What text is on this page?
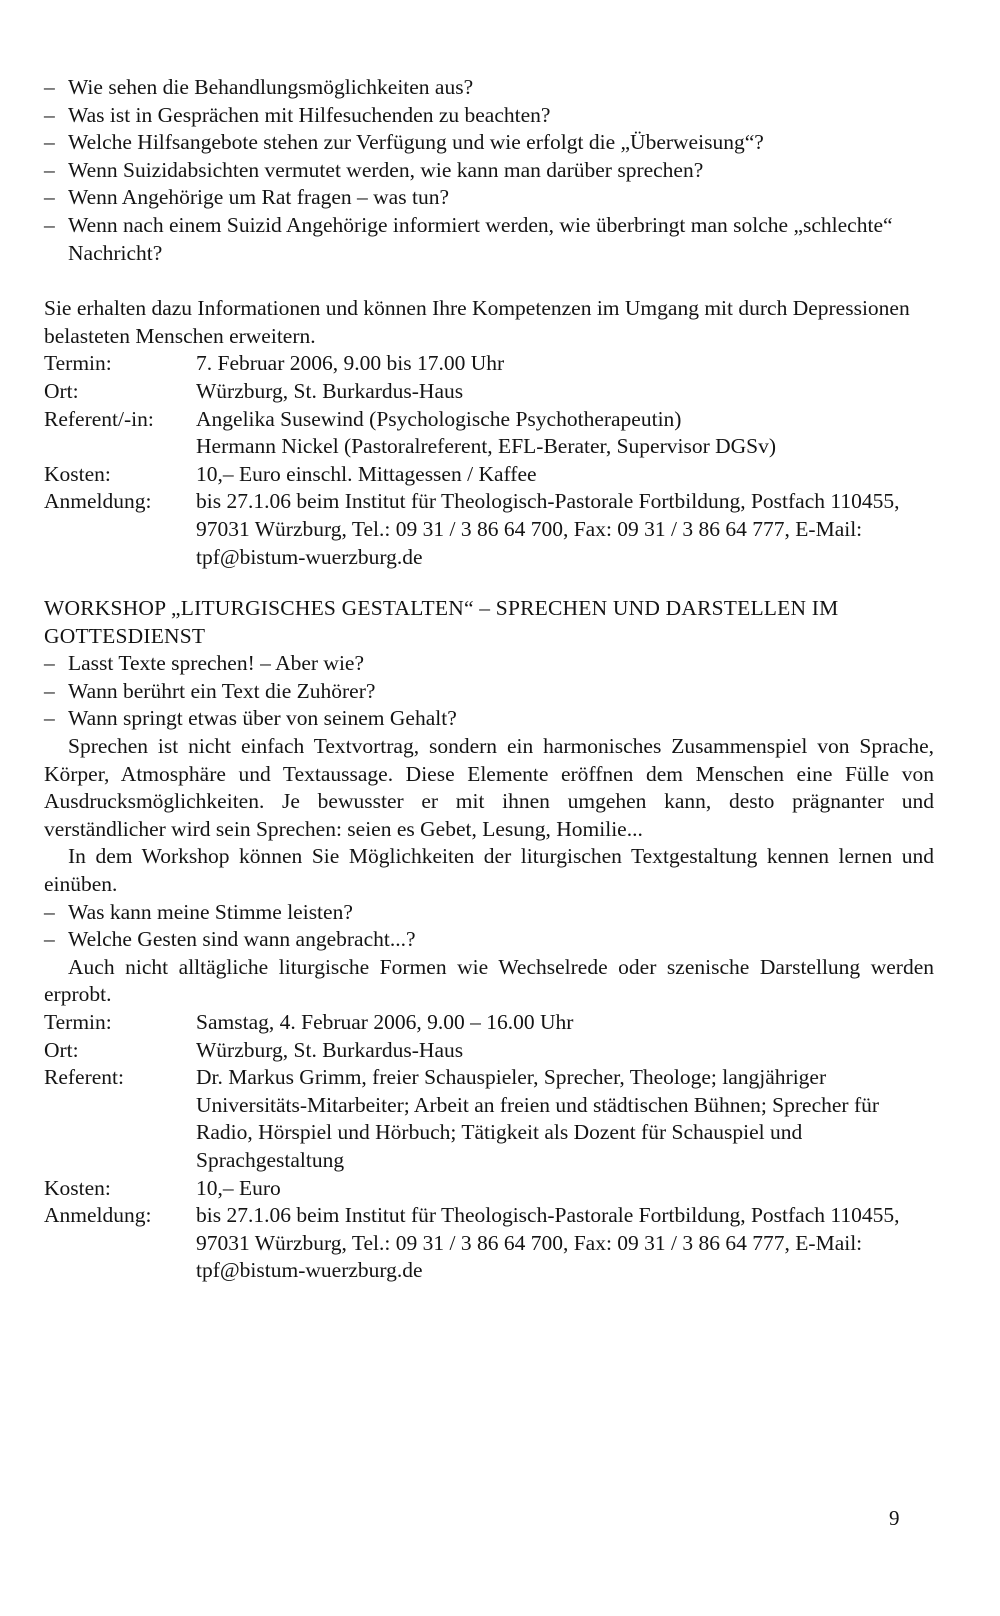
– Wie sehen die Behandlungsmöglichkeiten aus?
– Was ist in Gesprächen mit Hilfesuchenden zu beachten?
– Welche Hilfsangebote stehen zur Verfügung und wie erfolgt die „Überweisung“?
– Wenn Suizidabsichten vermutet werden, wie kann man darüber sprechen?
– Wenn Angehörige um Rat fragen – was tun?
– Wenn nach einem Suizid Angehörige informiert werden, wie überbringt man solche „schlechte“ Nachricht?

Sie erhalten dazu Informationen und können Ihre Kompetenzen im Umgang mit durch Depressionen belasteten Menschen erweitern.

Termin:	7. Februar 2006, 9.00 bis 17.00 Uhr
Ort:	Würzburg, St. Burkardus-Haus
Referent/-in:	Angelika Susewind (Psychologische Psychotherapeutin)
Hermann Nickel (Pastoralreferent, EFL-Berater, Supervisor DGSv)
Kosten:	10,– Euro einschl. Mittagessen / Kaffee
Anmeldung:	bis 27.1.06 beim Institut für Theologisch-Pastorale Fortbildung, Postfach 110455, 97031 Würzburg, Tel.: 09 31 / 3 86 64 700, Fax: 09 31 / 3 86 64 777, E-Mail: tpf@bistum-wuerzburg.de

WORKSHOP „LITURGISCHES GESTALTEN“ – SPRECHEN UND DARSTELLEN IM GOTTESDIENST

– Lasst Texte sprechen! – Aber wie?
– Wann berührt ein Text die Zuhörer?
– Wann springt etwas über von seinem Gehalt?

Sprechen ist nicht einfach Textvortrag, sondern ein harmonisches Zusammenspiel von Sprache, Körper, Atmosphäre und Textaussage. Diese Elemente eröffnen dem Menschen eine Fülle von Ausdrucksmöglichkeiten. Je bewusster er mit ihnen umgehen kann, desto prägnanter und verständlicher wird sein Sprechen: seien es Gebet, Lesung, Homilie...

In dem Workshop können Sie Möglichkeiten der liturgischen Textgestaltung kennen lernen und einüben.

– Was kann meine Stimme leisten?
– Welche Gesten sind wann angebracht...?

Auch nicht alltägliche liturgische Formen wie Wechselrede oder szenische Darstellung werden erprobt.

Termin:	Samstag, 4. Februar 2006, 9.00 – 16.00 Uhr
Ort:	Würzburg, St. Burkardus-Haus
Referent:	Dr. Markus Grimm, freier Schauspieler, Sprecher, Theologe; langjähriger Universitäts-Mitarbeiter; Arbeit an freien und städtischen Bühnen; Sprecher für Radio, Hörspiel und Hörbuch; Tätigkeit als Dozent für Schauspiel und Sprachgestaltung
Kosten:	10,– Euro
Anmeldung:	bis 27.1.06 beim Institut für Theologisch-Pastorale Fortbildung, Postfach 110455, 97031 Würzburg, Tel.: 09 31 / 3 86 64 700, Fax: 09 31 / 3 86 64 777, E-Mail: tpf@bistum-wuerzburg.de
9
